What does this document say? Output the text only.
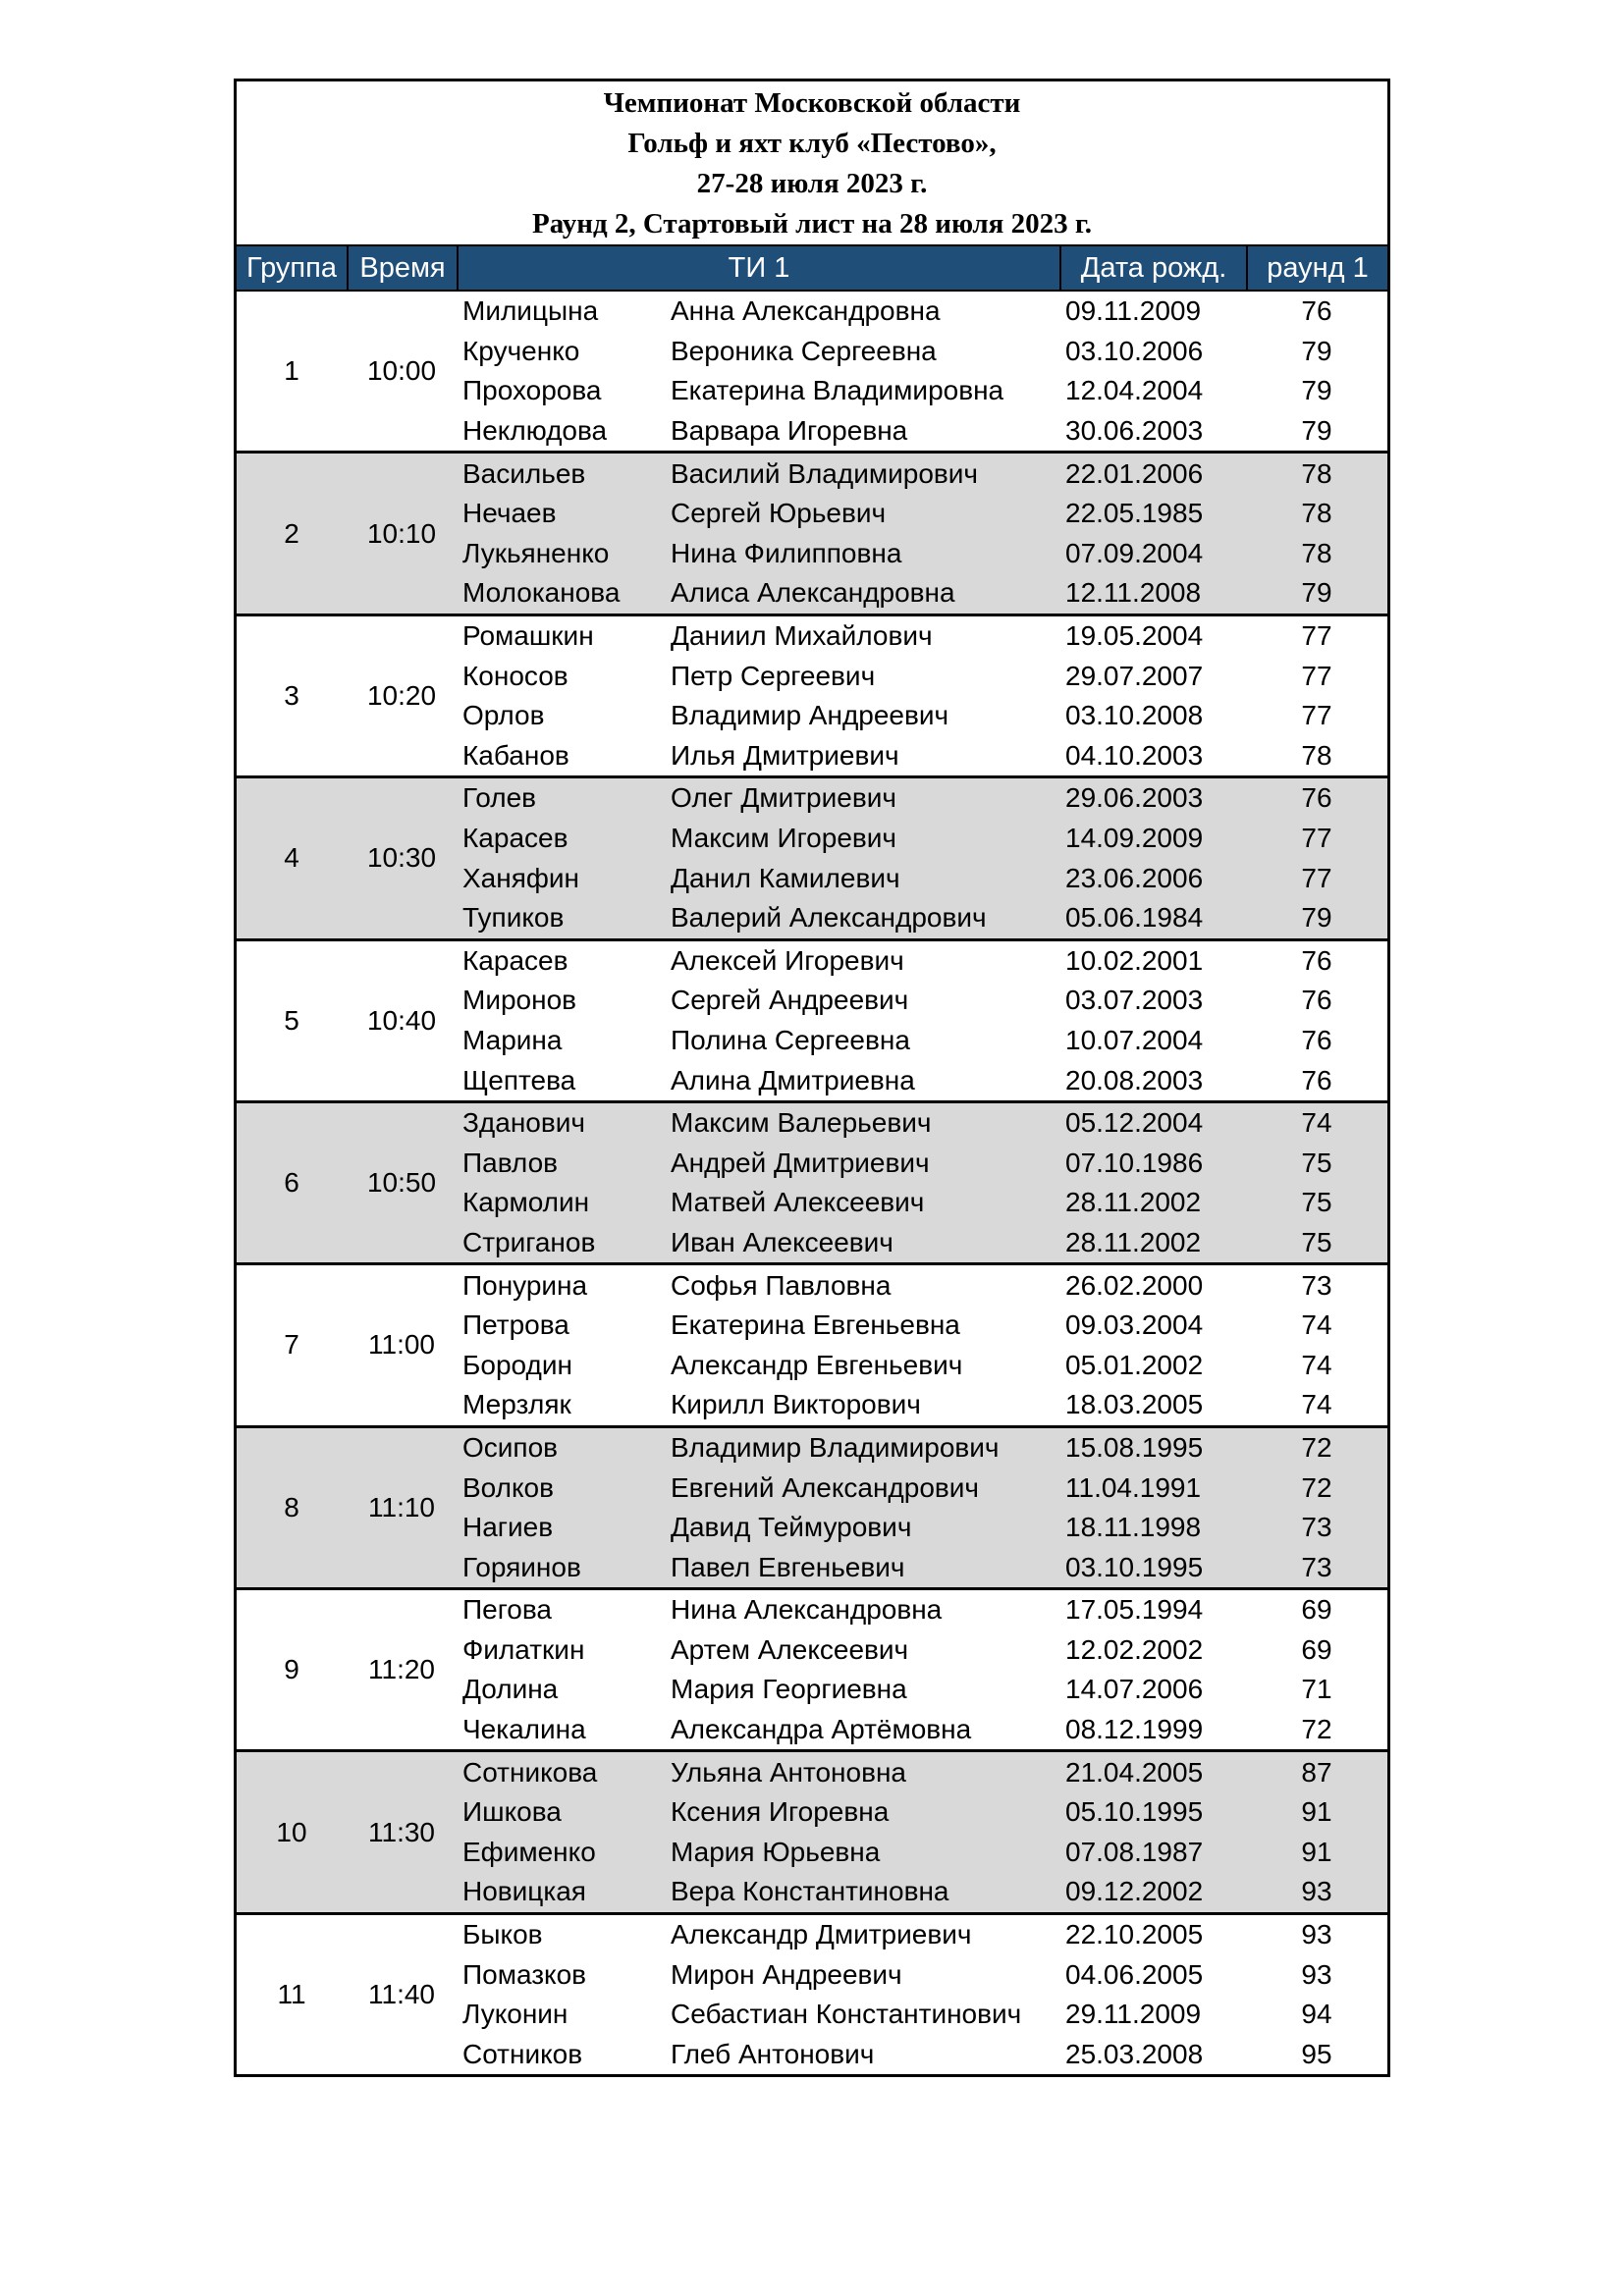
Чемпионат Московской области
Гольф и яхт клуб «Пестово»,
27-28 июля 2023 г.
Раунд 2, Стартовый лист на 28 июля 2023 г.
Группа Время	ТИ 1	Дата рожд.	раунд 1
1	10:00
Милицына	Анна Александровна	09.11.2009	76
Крученко	Вероника Сергеевна	03.10.2006	79
Прохорова	Екатерина Владимировна	12.04.2004	79
Неклюдова	Варвара Игоревна	30.06.2003	79
2	10:10
Васильев	Василий Владимирович	22.01.2006	78
Нечаев	Сергей Юрьевич	22.05.1985	78
Лукьяненко	Нина Филипповна	07.09.2004	78
Молоканова	Алиса Александровна	12.11.2008	79
3	10:20
Ромашкин	Даниил Михайлович	19.05.2004	77
Коносов	Петр Сергеевич	29.07.2007	77
Орлов	Владимир Андреевич	03.10.2008	77
Кабанов	Илья Дмитриевич	04.10.2003	78
4	10:30
Голев	Олег Дмитриевич	29.06.2003	76
Карасев	Максим Игоревич	14.09.2009	77
Ханяфин	Данил Камилевич	23.06.2006	77
Тупиков	Валерий Александрович	05.06.1984	79
5	10:40
Карасев	Алексей Игоревич	10.02.2001	76
Миронов	Сергей Андреевич	03.07.2003	76
Марина	Полина Сергеевна	10.07.2004	76
Щептева	Алина Дмитриевна	20.08.2003	76
6	10:50
Зданович	Максим Валерьевич	05.12.2004	74
Павлов	Андрей Дмитриевич	07.10.1986	75
Кармолин	Матвей Алексеевич	28.11.2002	75
Стриганов	Иван Алексеевич	28.11.2002	75
7	11:00
Понурина	Софья Павловна	26.02.2000	73
Петрова	Екатерина Евгеньевна	09.03.2004	74
Бородин	Александр Евгеньевич	05.01.2002	74
Мерзляк	Кирилл Викторович	18.03.2005	74
8	11:10
Осипов	Владимир Владимирович	15.08.1995	72
Волков	Евгений Александрович	11.04.1991	72
Нагиев	Давид Теймурович	18.11.1998	73
Горяинов	Павел Евгеньевич	03.10.1995	73
9	11:20
Пегова	Нина Александровна	17.05.1994	69
Филаткин	Артем Алексеевич	12.02.2002	69
Долина	Мария Георгиевна	14.07.2006	71
Чекалина	Александра Артёмовна	08.12.1999	72
10	11:30
Сотникова	Ульяна Антоновна	21.04.2005	87
Ишкова	Ксения Игоревна	05.10.1995	91
Ефименко	Мария Юрьевна	07.08.1987	91
Новицкая	Вера Константиновна	09.12.2002	93
11	11:40
Быков	Александр Дмитриевич	22.10.2005	93
Помазков	Мирон Андреевич	04.06.2005	93
Луконин	Себастиан Константинович	29.11.2009	94
Сотников	Глеб Антонович	25.03.2008	95
